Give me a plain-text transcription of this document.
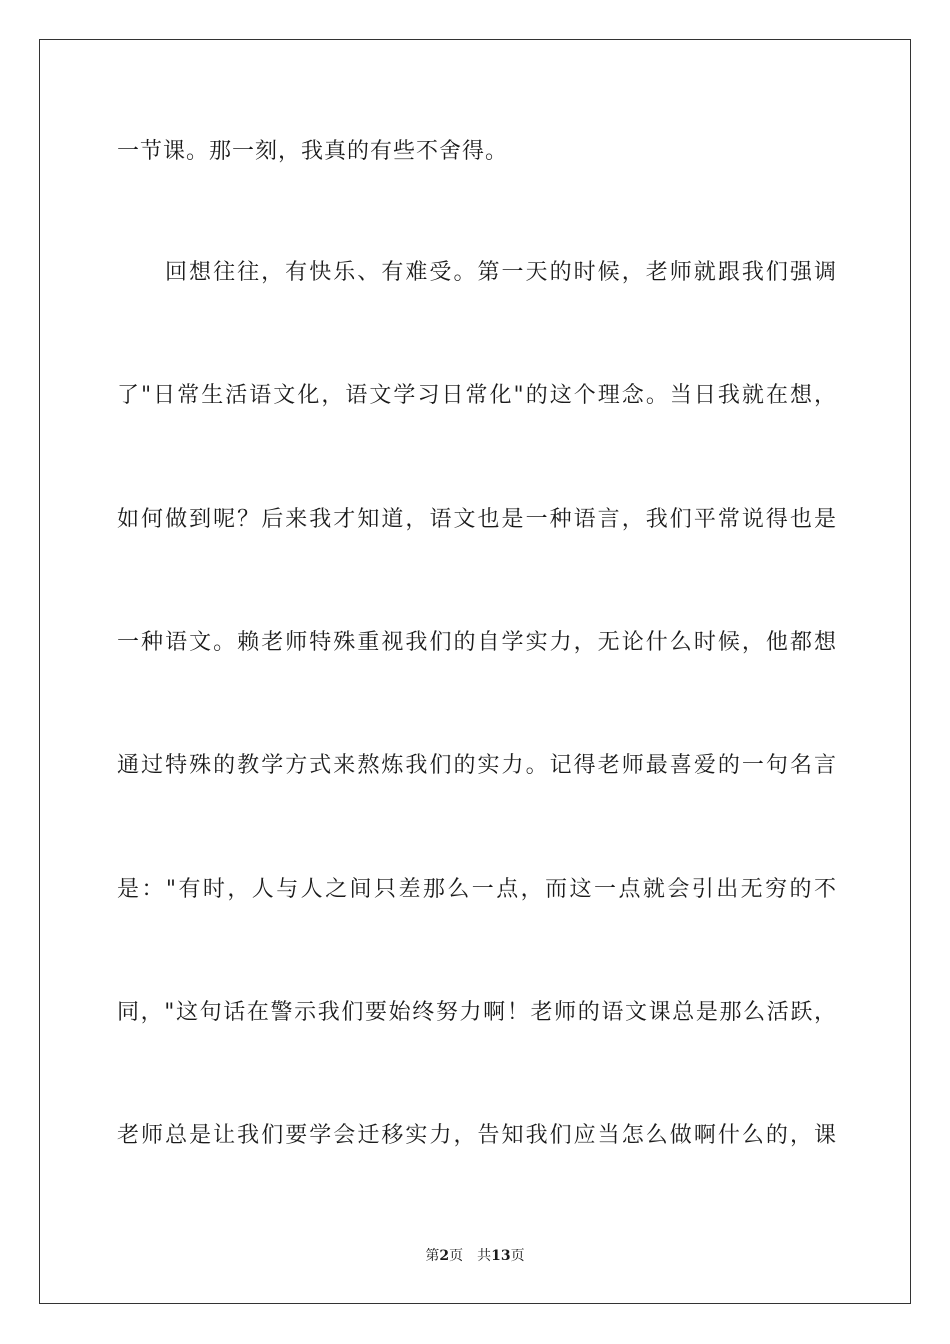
一节课。那一刻，我真的有些不舍得。
回想往往，有快乐、有难受。第一天的时候，老师就跟我们强调
了"日常生活语文化，语文学习日常化"的这个理念。当日我就在想，
如何做到呢？后来我才知道，语文也是一种语言，我们平常说得也是
一种语文。赖老师特殊重视我们的自学实力，无论什么时候，他都想
通过特殊的教学方式来熬炼我们的实力。记得老师最喜爱的一句名言
是："有时，人与人之间只差那么一点，而这一点就会引出无穷的不
同，"这句话在警示我们要始终努力啊！老师的语文课总是那么活跃，
老师总是让我们要学会迁移实力，告知我们应当怎么做啊什么的，课
第2页 共13页
